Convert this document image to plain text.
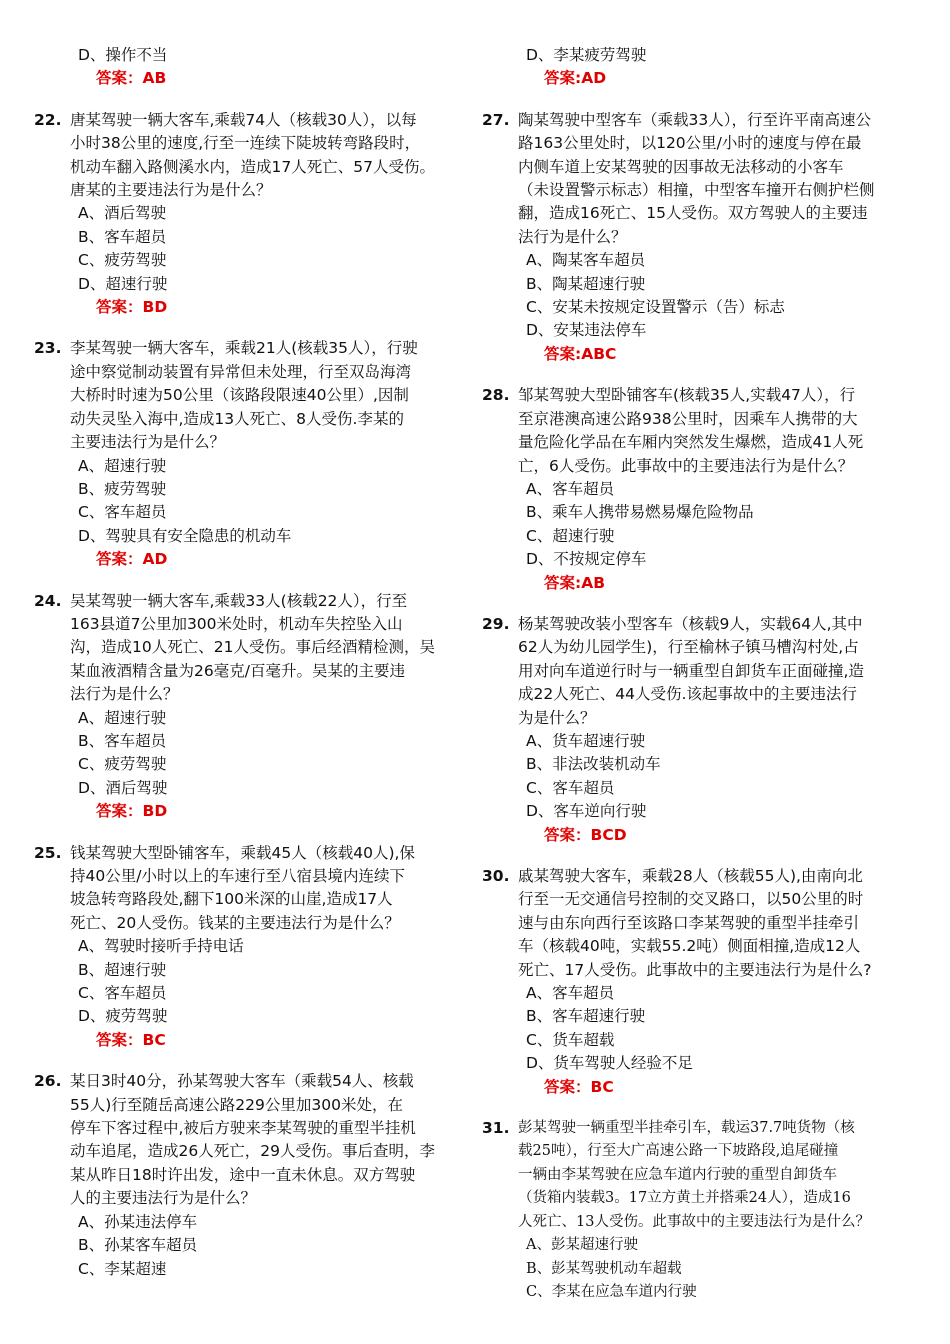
D、操作不当
答案：AB
22. 唐某驾驶一辆大客车,乘载74人（核载30人），以每
小时38公里的速度,行至一连续下陡坡转弯路段时，
机动车翻入路侧溪水内，造成17人死亡、57人受伤。
唐某的主要违法行为是什么？
A、酒后驾驶
B、客车超员
C、疲劳驾驶
D、超速行驶
答案：BD
23. 李某驾驶一辆大客车，乘载21人(核载35人），行驶
途中察觉制动装置有异常但未处理，行至双岛海湾
大桥时时速为50公里（该路段限速40公里）,因制
动失灵坠入海中,造成13人死亡、8人受伤.李某的
主要违法行为是什么？
A、超速行驶
B、疲劳驾驶
C、客车超员
D、驾驶具有安全隐患的机动车
答案：AD
24. 吴某驾驶一辆大客车,乘载33人(核载22人），行至
163县道7公里加300米处时，机动车失控坠入山
沟，造成10人死亡、21人受伤。事后经酒精检测，吴
某血液酒精含量为26毫克/百毫升。吴某的主要违
法行为是什么？
A、超速行驶
B、客车超员
C、疲劳驾驶
D、酒后驾驶
答案：BD
25. 钱某驾驶大型卧铺客车，乘载45人（核载40人),保
持40公里/小时以上的车速行至八宿县境内连续下
坡急转弯路段处,翻下100米深的山崖,造成17人
死亡、20人受伤。钱某的主要违法行为是什么？
A、驾驶时接听手持电话
B、超速行驶
C、客车超员
D、疲劳驾驶
答案：BC
26. 某日3时40分，孙某驾驶大客车（乘载54人、核载
55人)行至随岳高速公路229公里加300米处，在
停车下客过程中,被后方驶来李某驾驶的重型半挂机
动车追尾，造成26人死亡，29人受伤。事后查明，李
某从昨日18时许出发，途中一直未休息。双方驾驶
人的主要违法行为是什么？
A、孙某违法停车
B、孙某客车超员
C、李某超速
D、李某疲劳驾驶
答案:AD
27. 陶某驾驶中型客车（乘载33人），行至许平南高速公
路163公里处时，以120公里/小时的速度与停在最
内侧车道上安某驾驶的因事故无法移动的小客车
（未设置警示标志）相撞，中型客车撞开右侧护栏侧
翻，造成16死亡、15人受伤。双方驾驶人的主要违
法行为是什么？
A、陶某客车超员
B、陶某超速行驶
C、安某未按规定设置警示（告）标志
D、安某违法停车
答案:ABC
28. 邹某驾驶大型卧铺客车(核载35人,实载47人），行
至京港澳高速公路938公里时，因乘车人携带的大
量危险化学品在车厢内突然发生爆燃，造成41人死
亡，6人受伤。此事故中的主要违法行为是什么？
A、客车超员
B、乘车人携带易燃易爆危险物品
C、超速行驶
D、不按规定停车
答案:AB
29. 杨某驾驶改装小型客车（核载9人，实载64人,其中
62人为幼儿园学生)，行至榆林子镇马槽沟村处,占
用对向车道逆行时与一辆重型自卸货车正面碰撞,造
成22人死亡、44人受伤.该起事故中的主要违法行
为是什么？
A、货车超速行驶
B、非法改装机动车
C、客车超员
D、客车逆向行驶
答案：BCD
30. 戚某驾驶大客车，乘载28人（核载55人),由南向北
行至一无交通信号控制的交叉路口，以50公里的时
速与由东向西行至该路口李某驾驶的重型半挂牵引
车（核载40吨，实载55.2吨）侧面相撞,造成12人
死亡、17人受伤。此事故中的主要违法行为是什么?
A、客车超员
B、客车超速行驶
C、货车超载
D、货车驾驶人经验不足
答案：BC
31. 彭某驾驶一辆重型半挂牵引车，载运37.7吨货物（核
载25吨），行至大广高速公路一下坡路段,追尾碰撞
一辆由李某驾驶在应急车道内行驶的重型自卸货车
（货箱内装载3。17立方黄土并搭乘24人），造成16
人死亡、13人受伤。此事故中的主要违法行为是什么？
A、彭某超速行驶
B、彭某驾驶机动车超载
C、李某在应急车道内行驶
